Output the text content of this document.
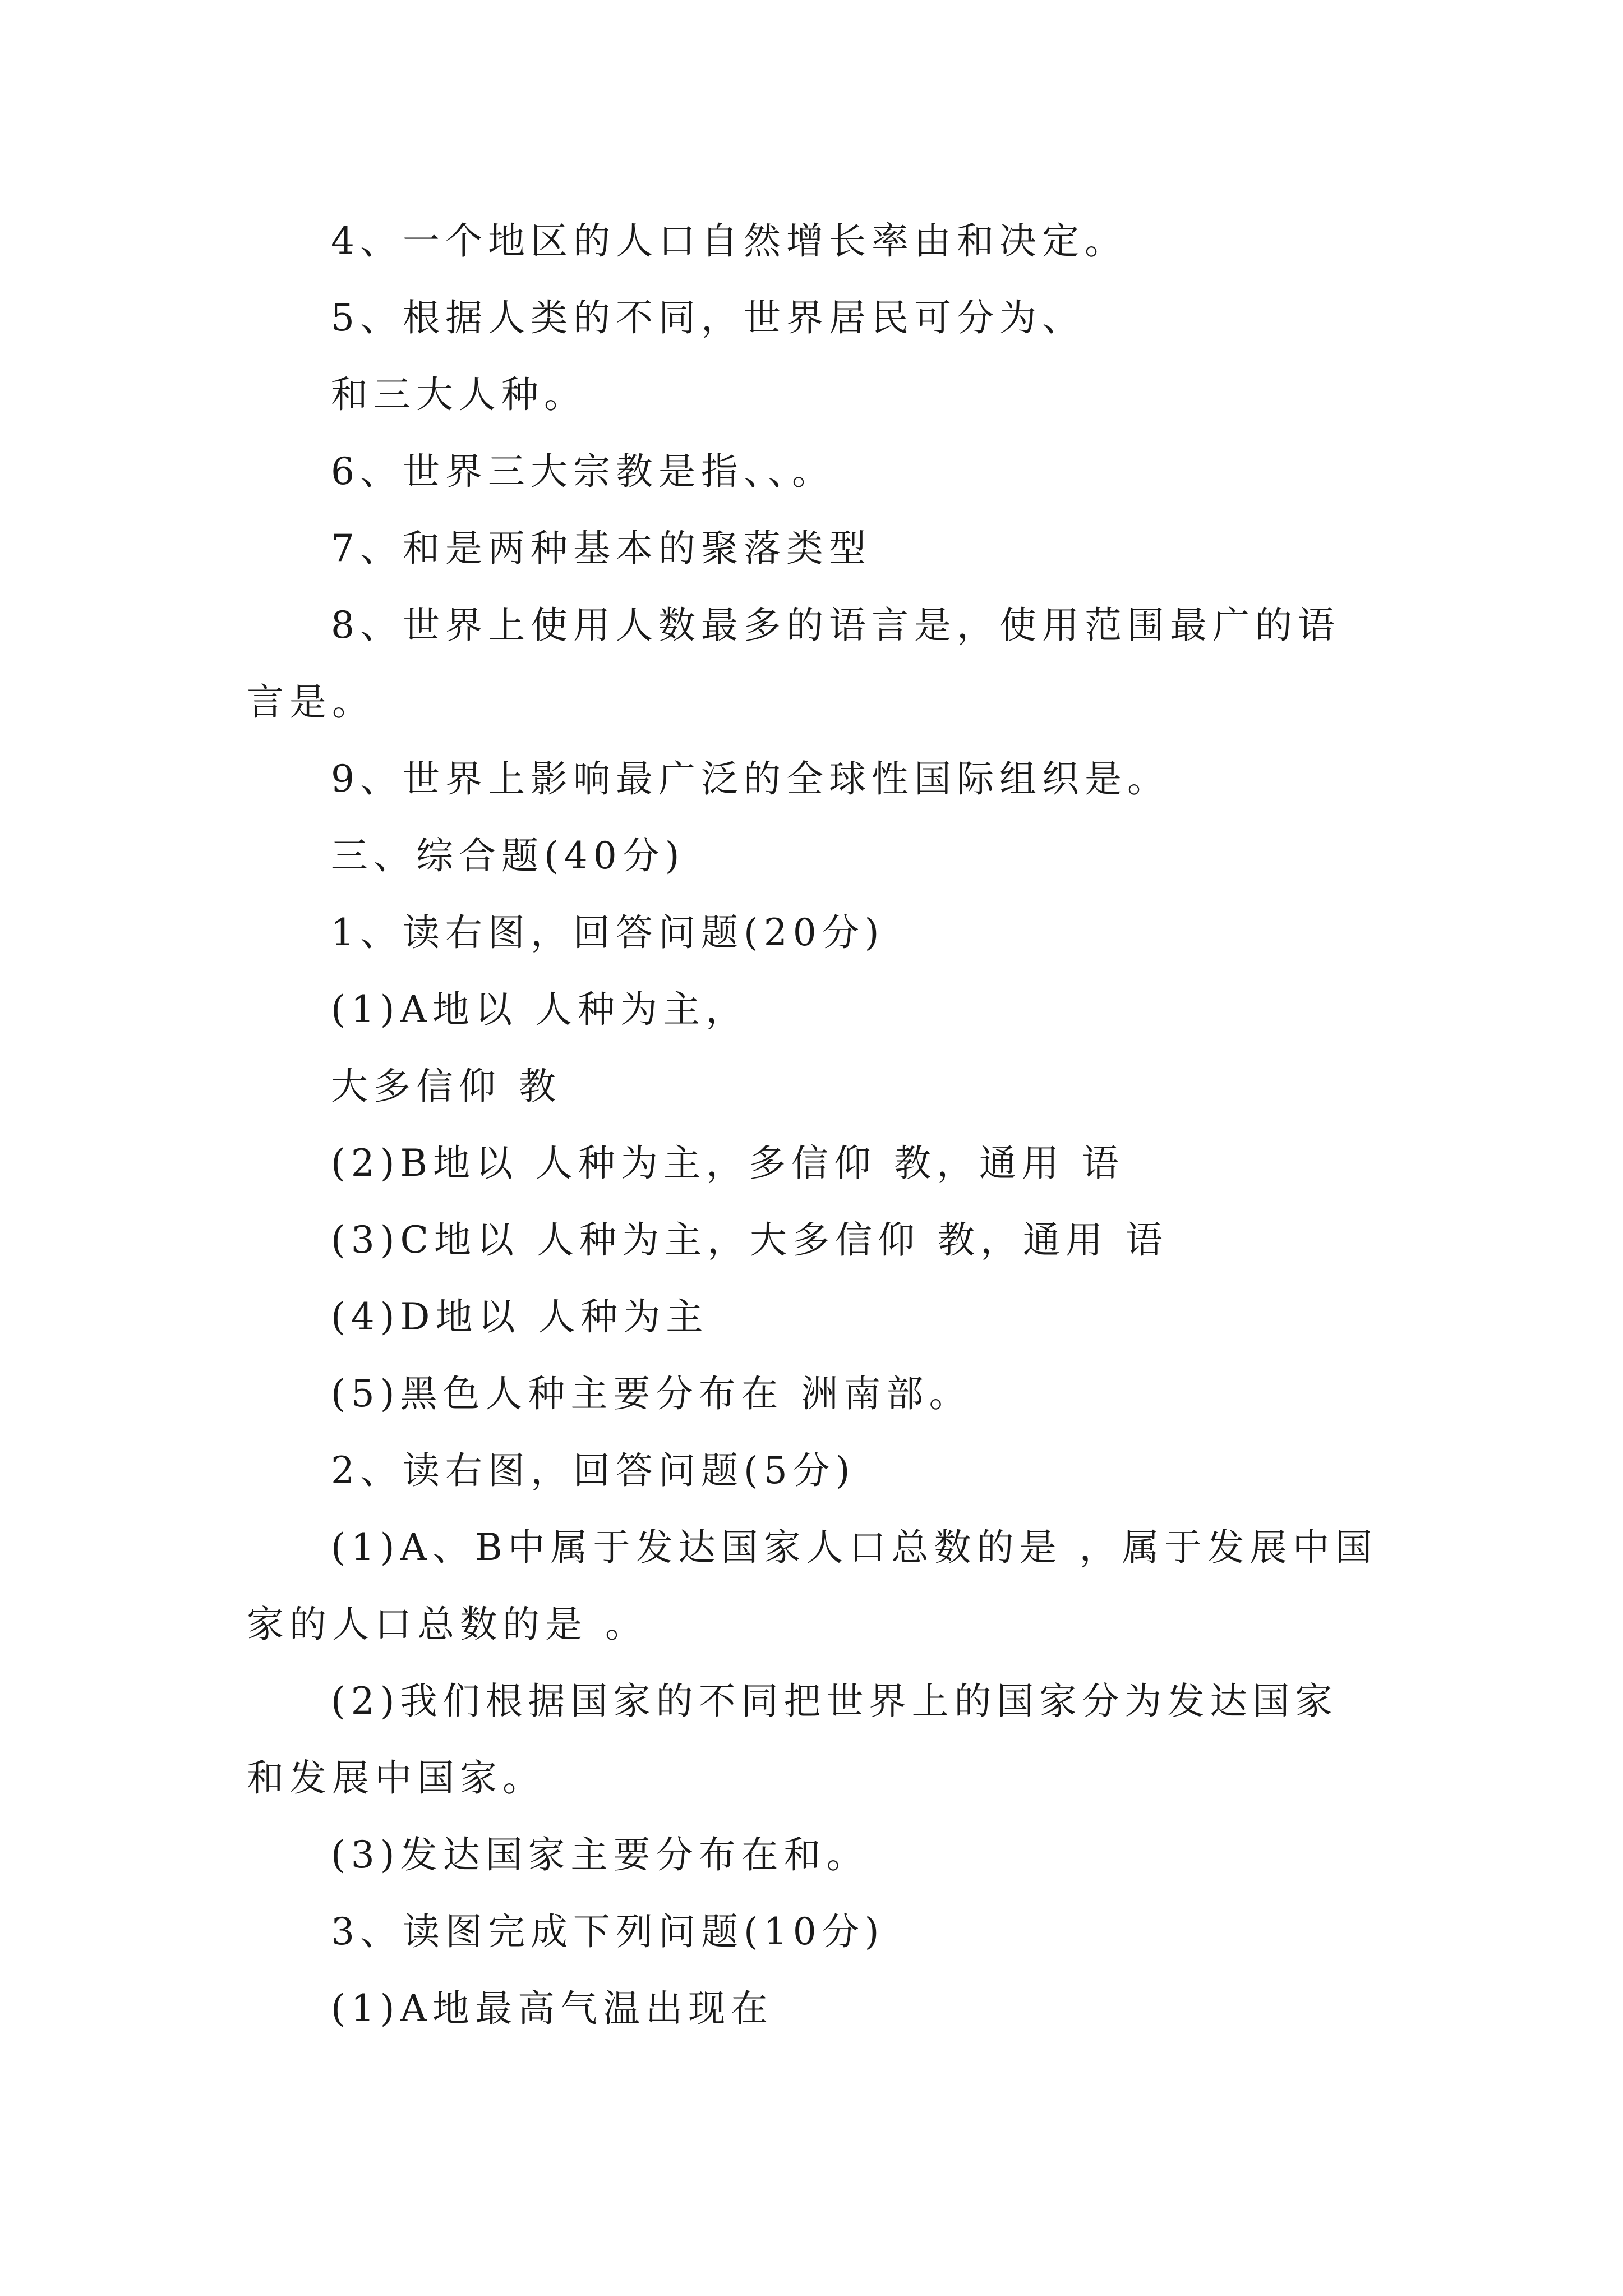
4、一个地区的人口自然增长率由和决定。
5、根据人类的不同，世界居民可分为、
和三大人种。
6、世界三大宗教是指、、。
7、和是两种基本的聚落类型
8、世界上使用人数最多的语言是，使用范围最广的语
言是。
9、世界上影响最广泛的全球性国际组织是。
三、综合题(40分)
1、读右图，回答问题(20分)
(1)A地以 人种为主，
大多信仰 教
(2)B地以 人种为主，多信仰 教，通用 语
(3)C地以 人种为主，大多信仰 教，通用 语
(4)D地以 人种为主
(5)黑色人种主要分布在 洲南部。
2、读右图，回答问题(5分)
(1)A、B中属于发达国家人口总数的是 ，属于发展中国
家的人口总数的是 。
(2)我们根据国家的不同把世界上的国家分为发达国家
和发展中国家。
(3)发达国家主要分布在和。
3、读图完成下列问题(10分)
(1)A地最高气温出现在
